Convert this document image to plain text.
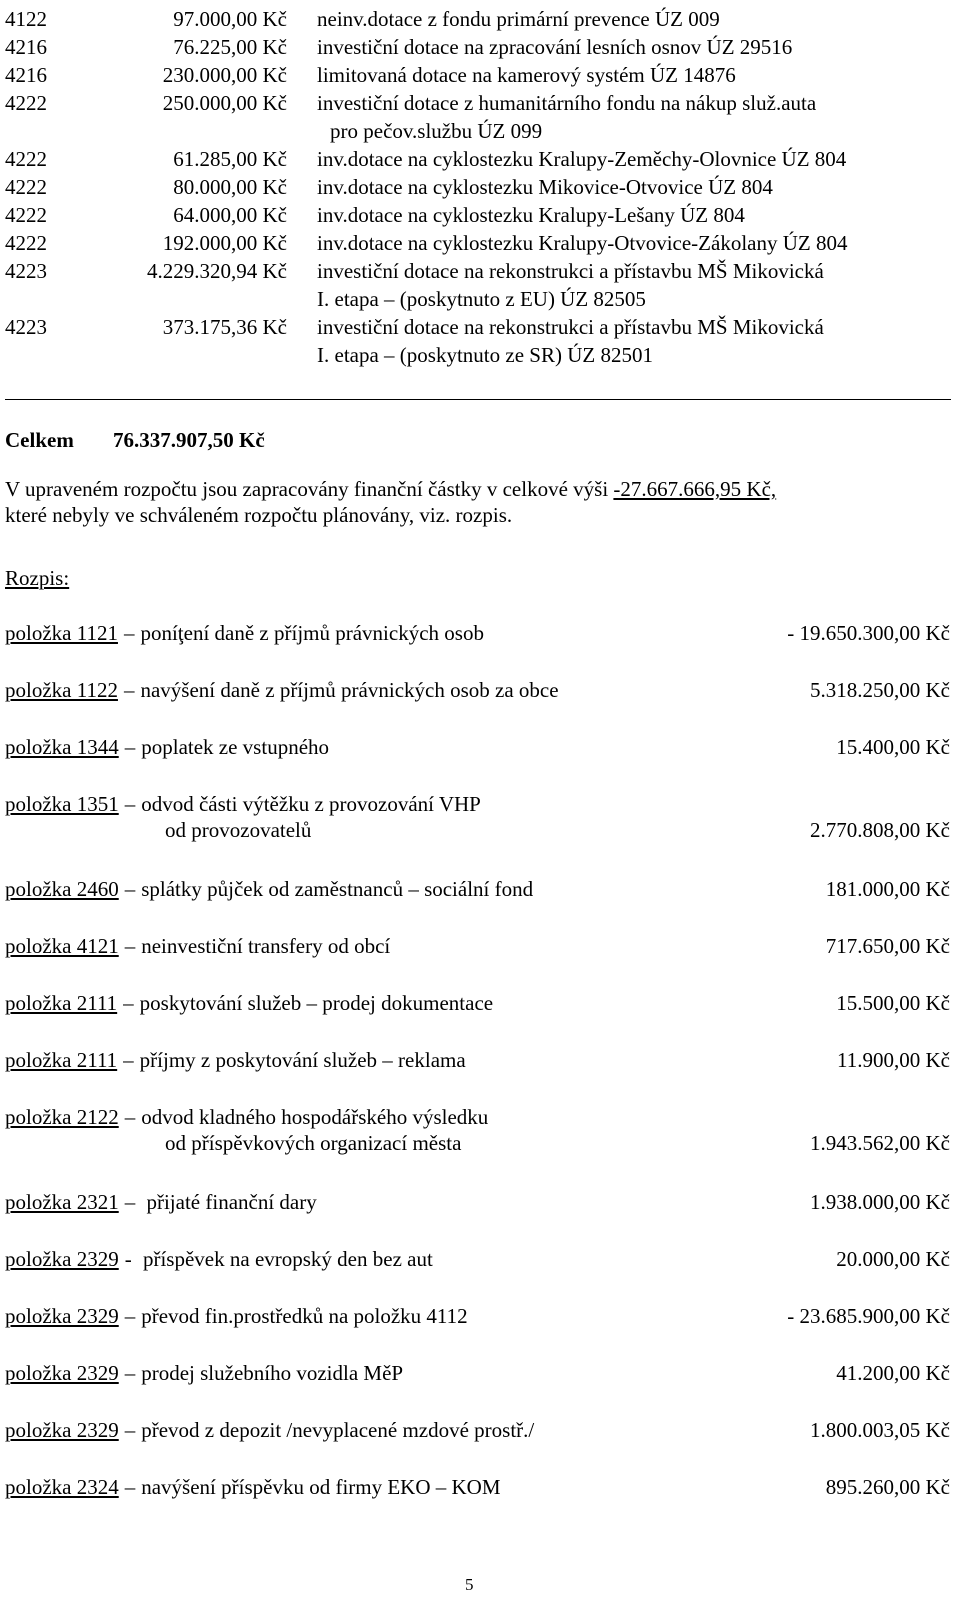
4122	97.000,00 Kč neinv.dotace z fondu primární prevence ÚZ 009
4216	76.225,00 Kč investiční dotace na zpracování lesních osnov ÚZ 29516
4216	230.000,00 Kč limitovaná dotace na kamerový systém ÚZ 14876
4222	250.000,00 Kč investiční dotace z humanitárního fondu na nákup služ.auta
pro pečov.službu ÚZ 099
4222	61.285,00 Kč inv.dotace na cyklostezku Kralupy-Zeměchy-Olovnice ÚZ 804
4222	80.000,00 Kč inv.dotace na cyklostezku Mikovice-Otvovice ÚZ 804
4222	64.000,00 Kč inv.dotace na cyklostezku Kralupy-Lešany ÚZ 804
4222	192.000,00 Kč inv.dotace na cyklostezku Kralupy-Otvovice-Zákolany ÚZ 804
4223	4.229.320,94 Kč investiční dotace na rekonstrukci a přístavbu MŠ Mikovická
I. etapa – (poskytnuto z EU) ÚZ 82505
4223	373.175,36 Kč investiční dotace na rekonstrukci a přístavbu MŠ Mikovická
I. etapa – (poskytnuto ze SR) ÚZ 82501
Celkem 76.337.907,50 Kč
V upraveném rozpočtu jsou zapracovány finanční částky v celkové výši -27.667.666,95 Kč,
které nebyly ve schváleném rozpočtu plánovány, viz. rozpis.
Rozpis:
položka 1121 – poníţení daně z příjmů právnických osob	- 19.650.300,00 Kč
položka 1122 – navýšení daně z příjmů právnických osob za obce	5.318.250,00 Kč
položka 1344 – poplatek ze vstupného	15.400,00 Kč
položka 1351 – odvod části výtěžku z provozování VHP
od provozovatelů	2.770.808,00 Kč
položka 2460 – splátky půjček od zaměstnanců – sociální fond	181.000,00 Kč
položka 4121 – neinvestiční transfery od obcí	717.650,00 Kč
položka 2111 – poskytování služeb – prodej dokumentace	15.500,00 Kč
položka 2111 – příjmy z poskytování služeb – reklama	11.900,00 Kč
položka 2122 – odvod kladného hospodářského výsledku
od příspěvkových organizací města	1.943.562,00 Kč
položka 2321 – přijaté finanční dary	1.938.000,00 Kč
položka 2329 - příspěvek na evropský den bez aut	20.000,00 Kč
položka 2329 – převod fin.prostředků na položku 4112	- 23.685.900,00 Kč
položka 2329 – prodej služebního vozidla MěP	41.200,00 Kč
položka 2329 – převod z depozit /nevyplacené mzdové prostř./	1.800.003,05 Kč
položka 2324 – navýšení příspěvku od firmy EKO – KOM	895.260,00 Kč
5
